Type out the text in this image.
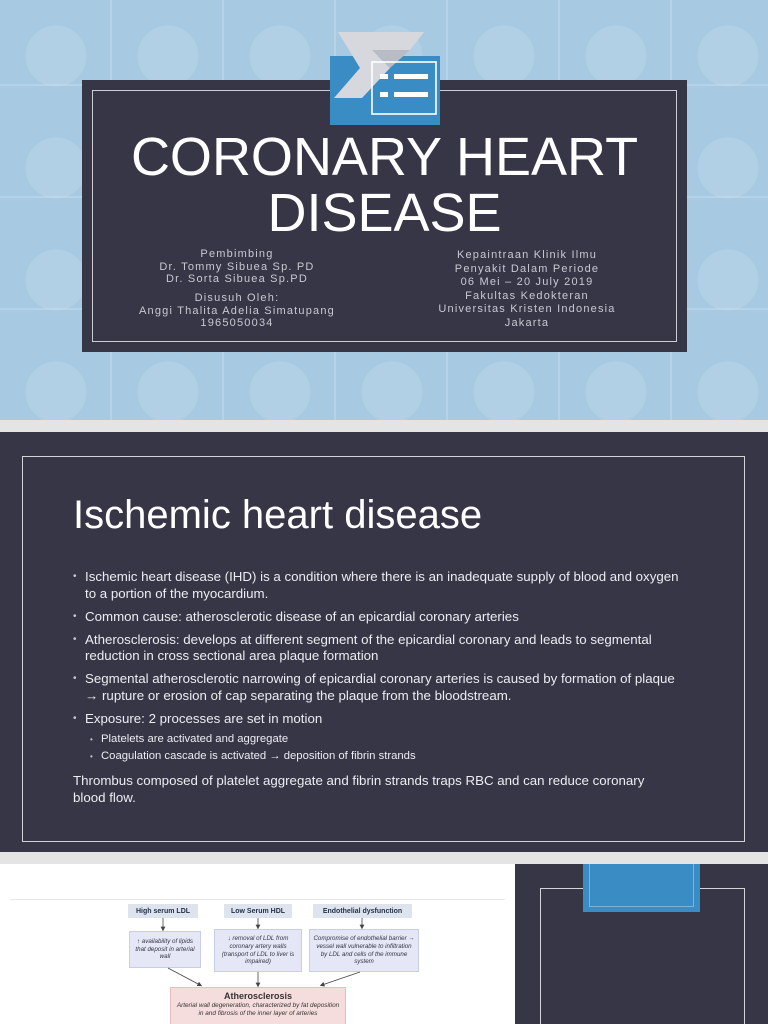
CORONARY HEART DISEASE
Pembimbing
Dr. Tommy Sibuea Sp. PD
Dr. Sorta Sibuea Sp.PD
Disusuh Oleh:
Anggi Thalita Adelia Simatupang
1965050034
Kepaintraan Klinik Ilmu
Penyakit Dalam Periode
06 Mei – 20 July 2019
Fakultas Kedokteran
Universitas Kristen Indonesia
Jakarta
Ischemic heart disease
• Ischemic heart disease (IHD) is a condition where there is an inadequate supply of blood and oxygen to a portion of the myocardium.
• Common cause: atherosclerotic disease of an epicardial coronary arteries
• Atherosclerosis: develops at different segment of the epicardial coronary and leads to segmental reduction in cross sectional area plaque formation
• Segmental atherosclerotic narrowing of epicardial coronary arteries is caused by formation of plaque → rupture or erosion of cap separating the plaque from the bloodstream.
• Exposure: 2 processes are set in motion
• Platelets are activated and aggregate
• Coagulation cascade is activated → deposition of fibrin strands

Thrombus composed of platelet aggregate and fibrin strands traps RBC and can reduce coronary blood flow.

High serum LDL	Low Serum HDL	Endothelial dysfunction
↑ availability of lipids that deposit in arterial wall
↓ removal of LDL from coronary artery walls (transport of LDL to liver is impaired)
Compromise of endothelial barrier → vessel wall vulnerable to infiltration by LDL and cells of the immune system
Atherosclerosis
Arterial wall degeneration, characterized by fat deposition in and fibrosis of the inner layer of arteries
